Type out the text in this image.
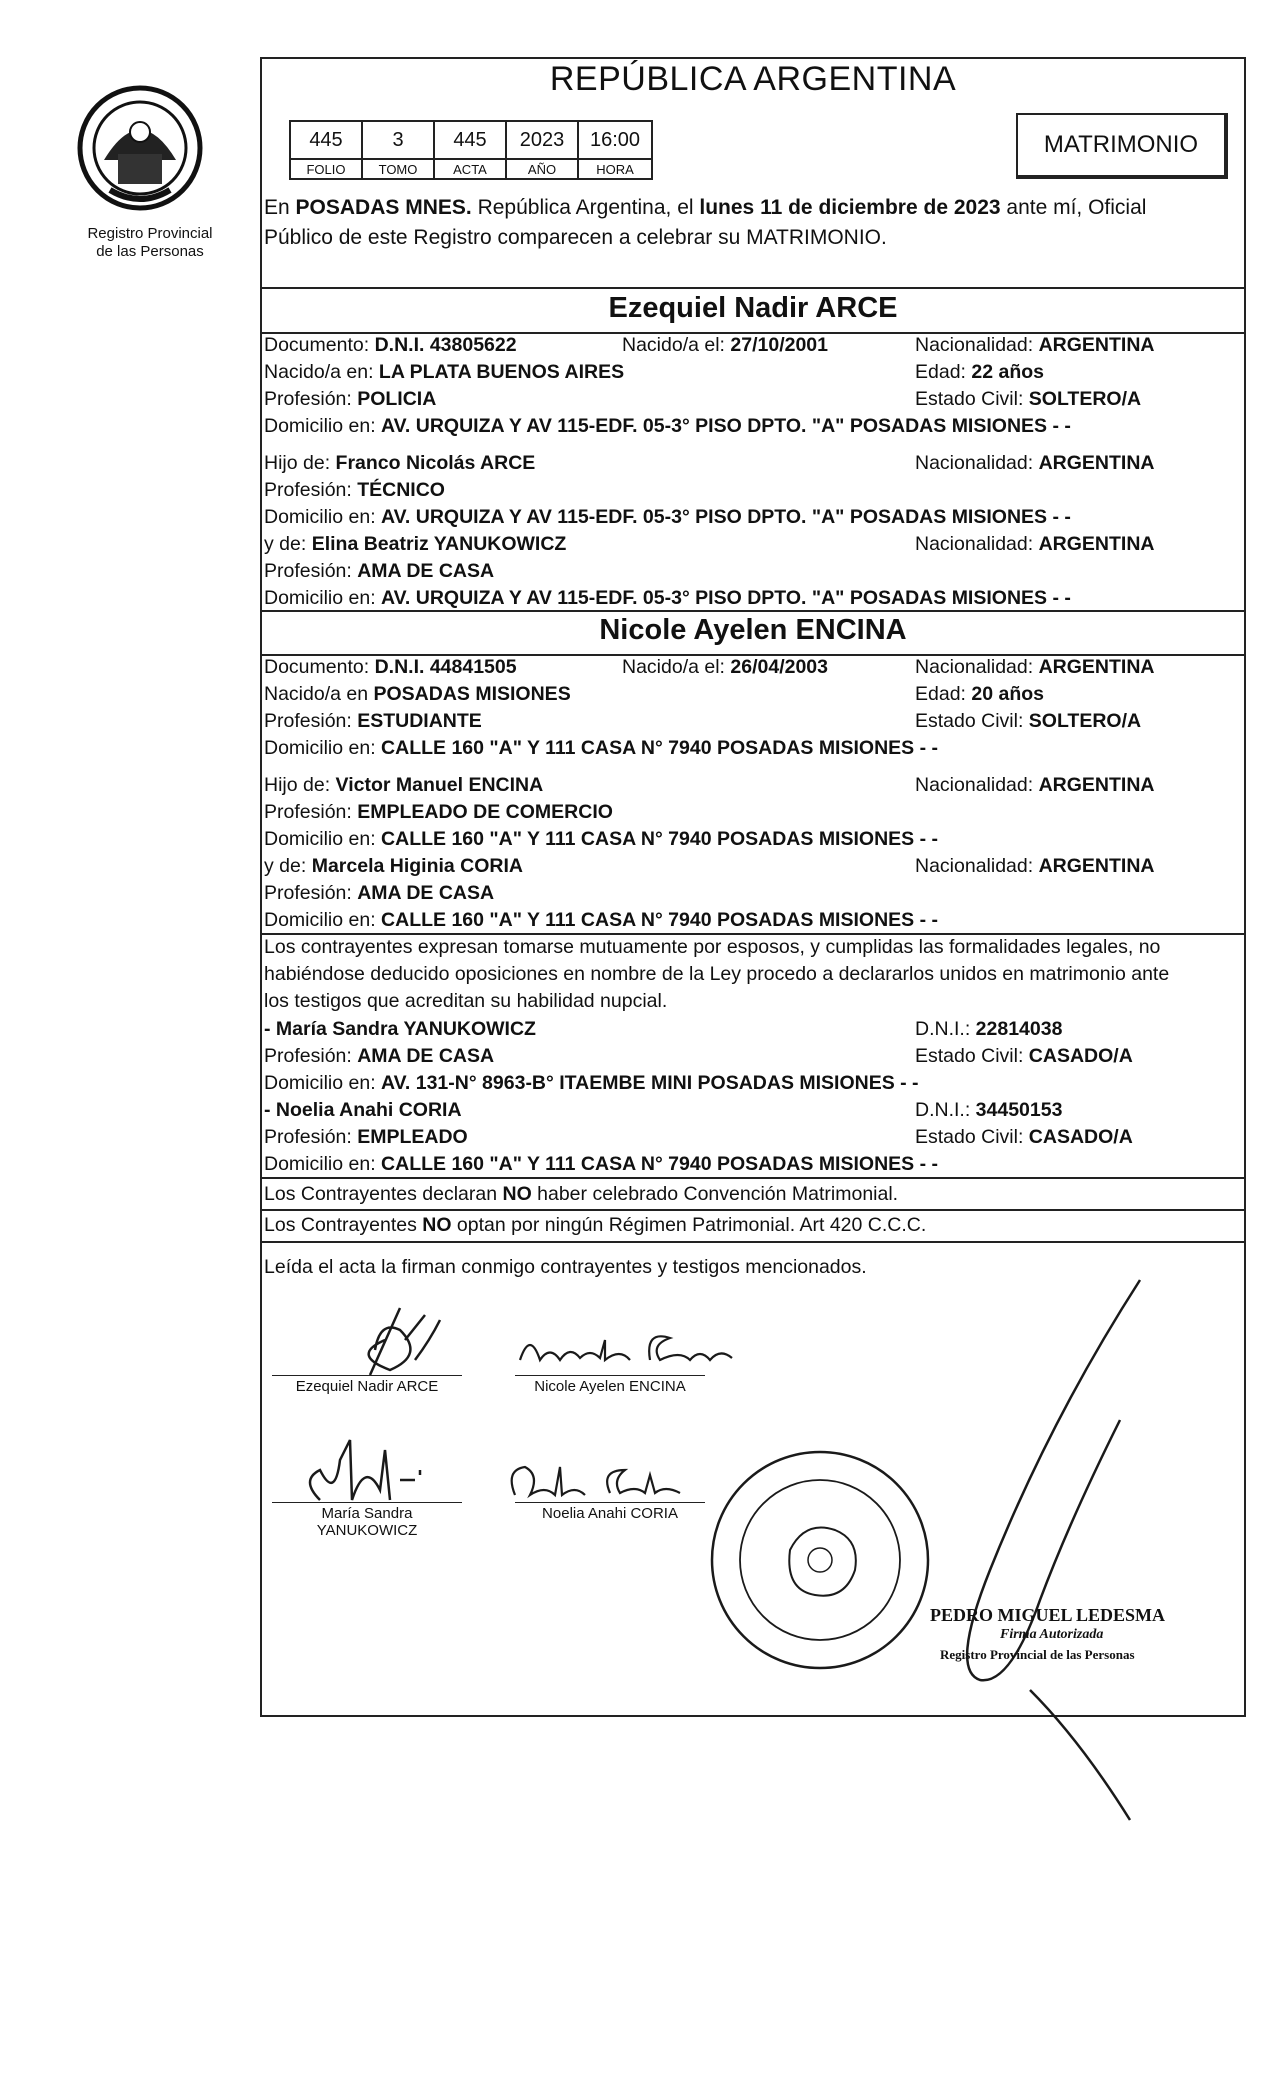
Registro Provincial
de las Personas
REPÚBLICA ARGENTINA
445	3	445	2023	16:00
FOLIO	TOMO	ACTA	AÑO	HORA
MATRIMONIO
En POSADAS MNES. República Argentina, el lunes 11 de diciembre de 2023 ante mí, Oficial
Público de este Registro comparecen a celebrar su MATRIMONIO.
Ezequiel Nadir ARCE
Documento: D.N.I. 43805622	Nacido/a el: 27/10/2001	Nacionalidad: ARGENTINA
Nacido/a en: LA PLATA BUENOS AIRES	Edad: 22 años
Profesión: POLICIA	Estado Civil: SOLTERO/A
Domicilio en: AV. URQUIZA Y AV 115-EDF. 05-3° PISO DPTO. "A" POSADAS MISIONES - -
Hijo de: Franco Nicolás ARCE	Nacionalidad: ARGENTINA
Profesión: TÉCNICO
Domicilio en: AV. URQUIZA Y AV 115-EDF. 05-3° PISO DPTO. "A" POSADAS MISIONES - -
y de: Elina Beatriz YANUKOWICZ	Nacionalidad: ARGENTINA
Profesión: AMA DE CASA
Domicilio en: AV. URQUIZA Y AV 115-EDF. 05-3° PISO DPTO. "A" POSADAS MISIONES - -
Nicole Ayelen ENCINA
Documento: D.N.I. 44841505	Nacido/a el: 26/04/2003	Nacionalidad: ARGENTINA
Nacido/a en POSADAS MISIONES	Edad: 20 años
Profesión: ESTUDIANTE	Estado Civil: SOLTERO/A
Domicilio en: CALLE 160 "A" Y 111 CASA N° 7940 POSADAS MISIONES - -
Hijo de: Victor Manuel ENCINA	Nacionalidad: ARGENTINA
Profesión: EMPLEADO DE COMERCIO
Domicilio en: CALLE 160 "A" Y 111 CASA N° 7940 POSADAS MISIONES - -
y de: Marcela Higinia CORIA	Nacionalidad: ARGENTINA
Profesión: AMA DE CASA
Domicilio en: CALLE 160 "A" Y 111 CASA N° 7940 POSADAS MISIONES - -
Los contrayentes expresan tomarse mutuamente por esposos, y cumplidas las formalidades legales, no
habiéndose deducido oposiciones en nombre de la Ley procedo a declararlos unidos en matrimonio ante
los testigos que acreditan su habilidad nupcial.
- María Sandra YANUKOWICZ	D.N.I.: 22814038
Profesión: AMA DE CASA	Estado Civil: CASADO/A
Domicilio en: AV. 131-N° 8963-B° ITAEMBE MINI POSADAS MISIONES - -
- Noelia Anahi CORIA	D.N.I.: 34450153
Profesión: EMPLEADO	Estado Civil: CASADO/A
Domicilio en: CALLE 160 "A" Y 111 CASA N° 7940 POSADAS MISIONES - -
Los Contrayentes declaran NO haber celebrado Convención Matrimonial.
Los Contrayentes NO optan por ningún Régimen Patrimonial. Art 420 C.C.C.
Leída el acta la firman conmigo contrayentes y testigos mencionados.
Ezequiel Nadir ARCE	Nicole Ayelen ENCINA
María Sandra
YANUKOWICZ
Noelia Anahi CORIA
PEDRO MIGUEL LEDESMA
Firma Autorizada
Registro Provincial de las Personas
